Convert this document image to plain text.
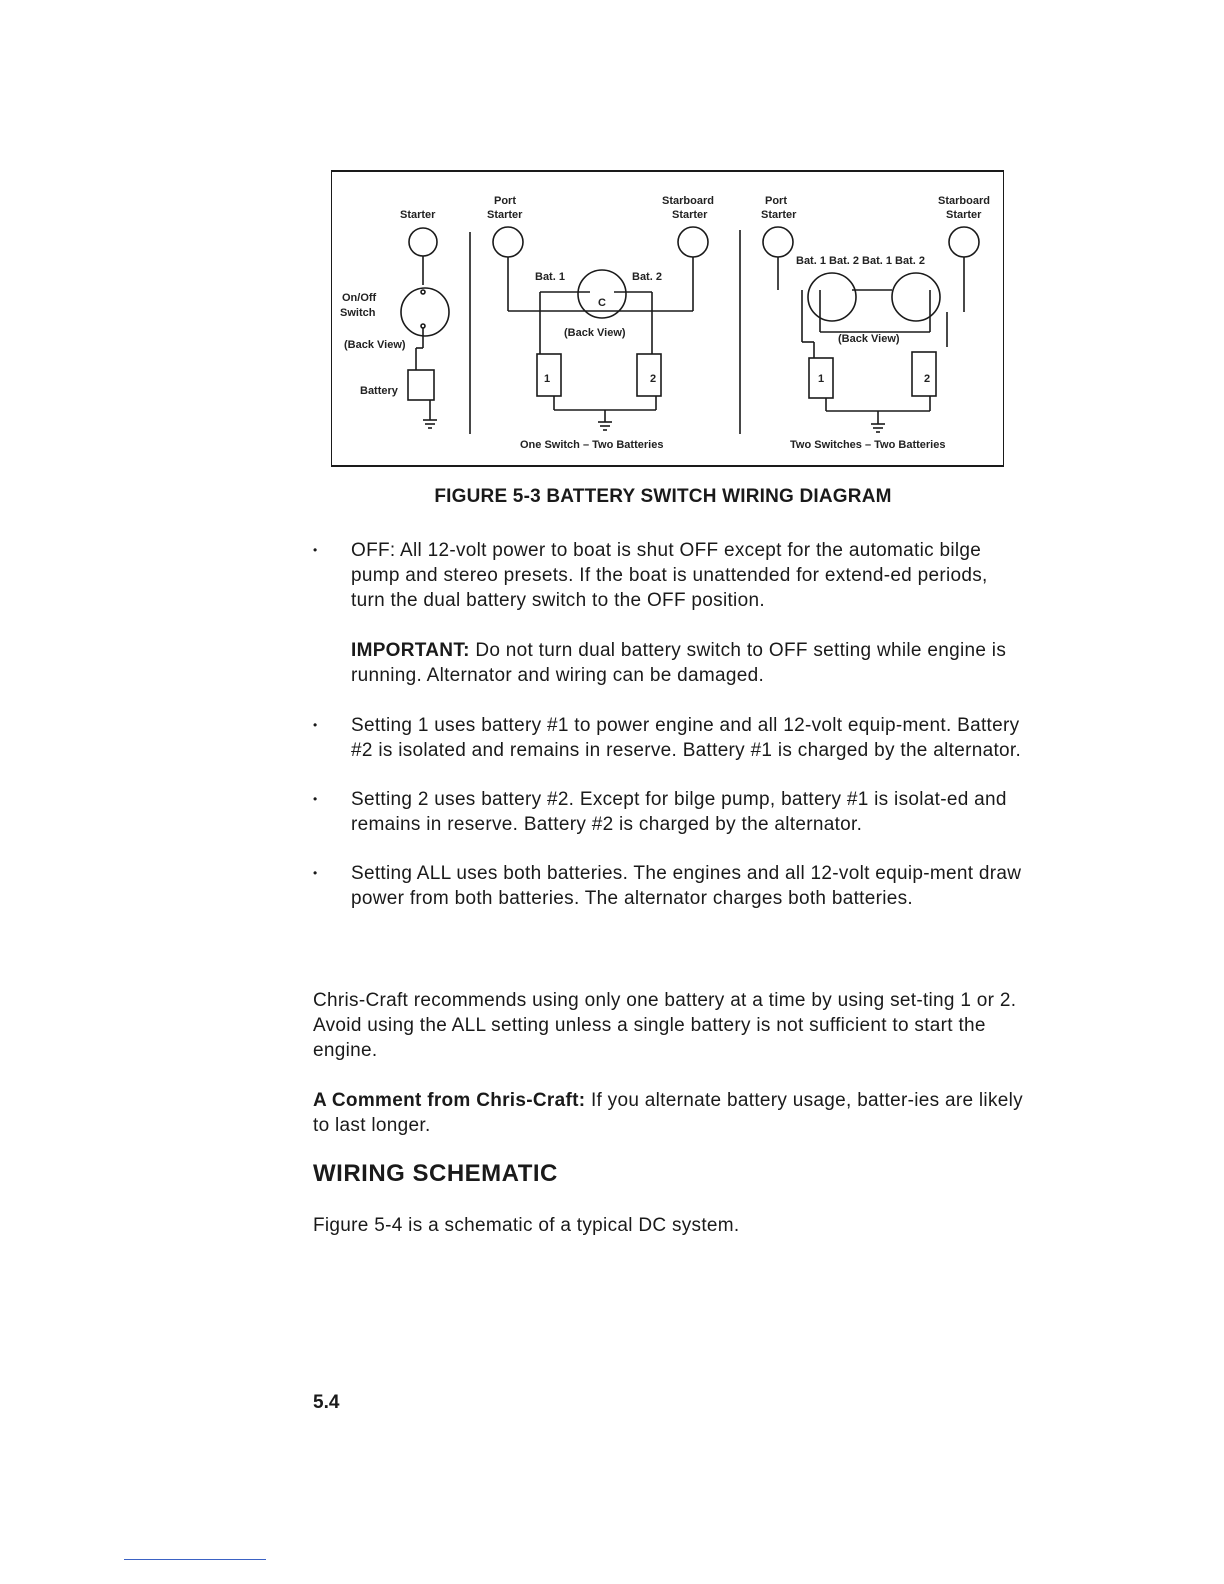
Starter
On/Off
Switch
(Back View)
Battery
Port
Starter
Starboard
Starter
Bat. 1	Bat. 2
C
(Back View)
1	2
One Switch – Two Batteries
Port
Starter
Starboard
Starter
Bat. 1 Bat. 2 Bat. 1 Bat. 2
(Back View)
1	2
Two Switches – Two Batteries
FIGURE 5-3 BATTERY SWITCH WIRING DIAGRAM
• OFF: All 12-volt power to boat is shut OFF except for the automatic bilge pump and stereo presets. If the boat is unattended for extend-ed periods, turn the dual battery switch to the OFF position.
• Setting 1 uses battery #1 to power engine and all 12-volt equip-ment. Battery #2 is isolated and remains in reserve. Battery #1 is charged by the alternator.
• Setting 2 uses battery #2. Except for bilge pump, battery #1 is isolat-ed and remains in reserve. Battery #2 is charged by the alternator.
• Setting ALL uses both batteries. The engines and all 12-volt equip-ment draw power from both batteries. The alternator charges both batteries.
IMPORTANT: Do not turn dual battery switch to OFF setting while engine is running. Alternator and wiring can be damaged.
Chris-Craft recommends using only one battery at a time by using set-ting 1 or 2. Avoid using the ALL setting unless a single battery is not sufficient to start the engine.
A Comment from Chris-Craft: If you alternate battery usage, batter-ies are likely to last longer.
WIRING SCHEMATIC
Figure 5-4 is a schematic of a typical DC system.
5.4
